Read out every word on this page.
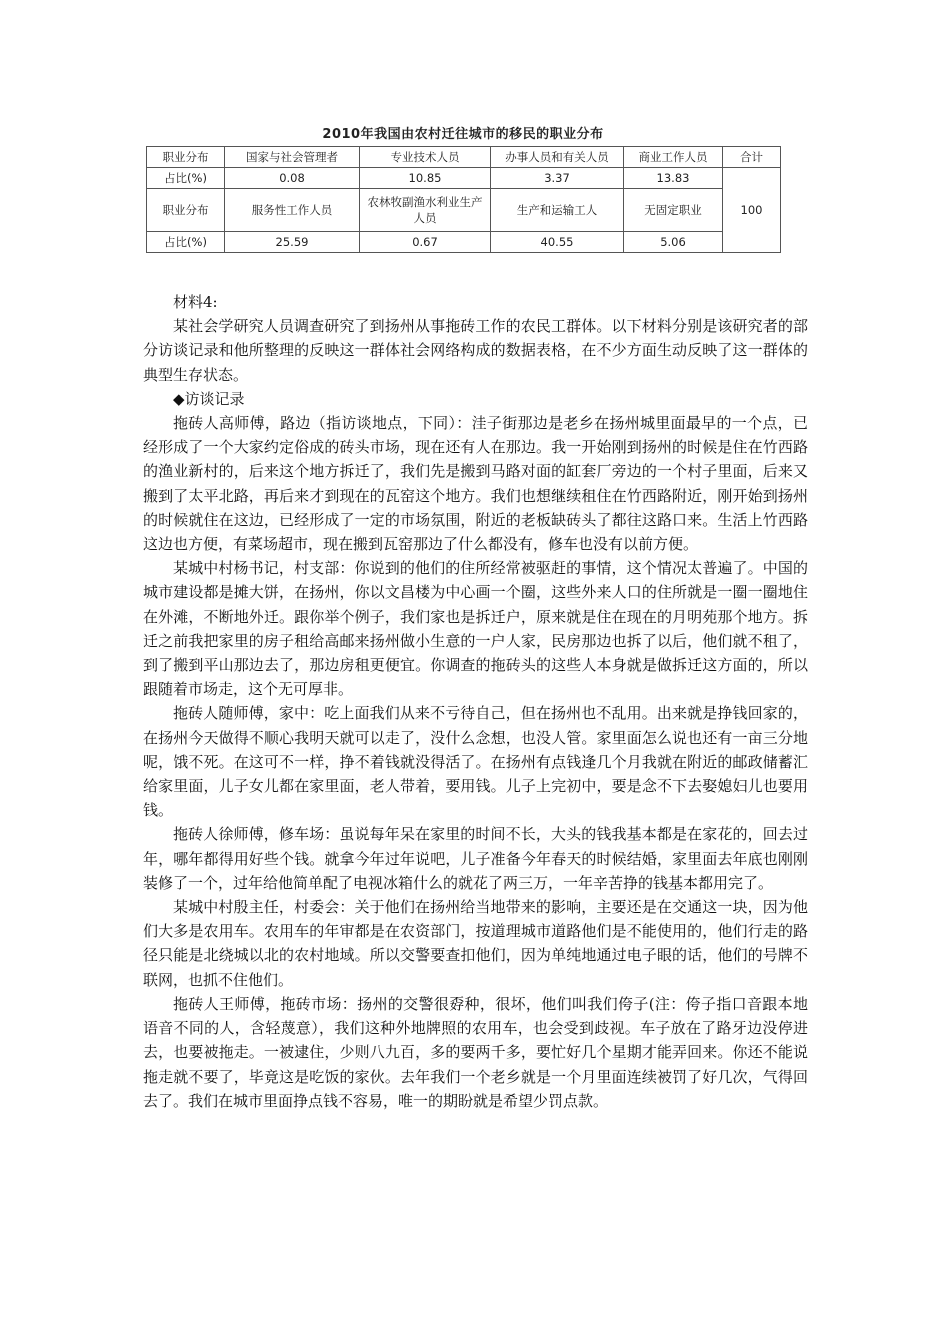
2010年我国由农村迁往城市的移民的职业分布
职业分布	国家与社会管理者	专业技术人员	办事人员和有关人员	商业工作人员	合计
占比(%)	0.08	10.85	3.37	13.83	100
职业分布	服务性工作人员	农林牧副渔水利业生产人员	生产和运输工人	无固定职业	
占比(%)	25.59	0.67	40.55	5.06	

材料4:

某社会学研究人员调查研究了到扬州从事拖砖工作的农民工群体。以下材料分别是该研究者的部分访谈记录和他所整理的反映这一群体社会网络构成的数据表格，在不少方面生动反映了这一群体的典型生存状态。

◆访谈记录

拖砖人高师傅，路边（指访谈地点，下同）：洼子街那边是老乡在扬州城里面最早的一个点，已经形成了一个大家约定俗成的砖头市场，现在还有人在那边。我一开始刚到扬州的时候是住在竹西路的渔业新村的，后来这个地方拆迁了，我们先是搬到马路对面的缸套厂旁边的一个村子里面，后来又搬到了太平北路，再后来才到现在的瓦窑这个地方。我们也想继续租住在竹西路附近，刚开始到扬州的时候就住在这边，已经形成了一定的市场氛围，附近的老板缺砖头了都往这路口来。生活上竹西路这边也方便，有菜场超市，现在搬到瓦窑那边了什么都没有，修车也没有以前方便。

某城中村杨书记，村支部：你说到的他们的住所经常被驱赶的事情，这个情况太普遍了。中国的城市建设都是摊大饼，在扬州，你以文昌楼为中心画一个圈，这些外来人口的住所就是一圈一圈地住在外滩，不断地外迁。跟你举个例子，我们家也是拆迁户，原来就是住在现在的月明苑那个地方。拆迁之前我把家里的房子租给高邮来扬州做小生意的一户人家，民房那边也拆了以后，他们就不租了，到了搬到平山那边去了，那边房租更便宜。你调查的拖砖头的这些人本身就是做拆迁这方面的，所以跟随着市场走，这个无可厚非。

拖砖人随师傅，家中：吃上面我们从来不亏待自己，但在扬州也不乱用。出来就是挣钱回家的，在扬州今天做得不顺心我明天就可以走了，没什么念想，也没人管。家里面怎么说也还有一亩三分地呢，饿不死。在这可不一样，挣不着钱就没得活了。在扬州有点钱逢几个月我就在附近的邮政储蓄汇给家里面，儿子女儿都在家里面，老人带着，要用钱。儿子上完初中，要是念不下去娶媳妇儿也要用钱。

拖砖人徐师傅，修车场：虽说每年呆在家里的时间不长，大头的钱我基本都是在家花的，回去过年，哪年都得用好些个钱。就拿今年过年说吧，儿子准备今年春天的时候结婚，家里面去年底也刚刚装修了一个，过年给他简单配了电视冰箱什么的就花了两三万，一年辛苦挣的钱基本都用完了。

某城中村殷主任，村委会：关于他们在扬州给当地带来的影响，主要还是在交通这一块，因为他们大多是农用车。农用车的年审都是在农资部门，按道理城市道路他们是不能使用的，他们行走的路径只能是北绕城以北的农村地域。所以交警要查扣他们，因为单纯地通过电子眼的话，他们的号牌不联网，也抓不住他们。

拖砖人王师傅，拖砖市场：扬州的交警很孬种，很坏，他们叫我们侉子(注：侉子指口音跟本地语音不同的人，含轻蔑意），我们这种外地牌照的农用车，也会受到歧视。车子放在了路牙边没停进去，也要被拖走。一被逮住，少则八九百，多的要两千多，要忙好几个星期才能弄回来。你还不能说拖走就不要了，毕竟这是吃饭的家伙。去年我们一个老乡就是一个月里面连续被罚了好几次，气得回去了。我们在城市里面挣点钱不容易，唯一的期盼就是希望少罚点款。
